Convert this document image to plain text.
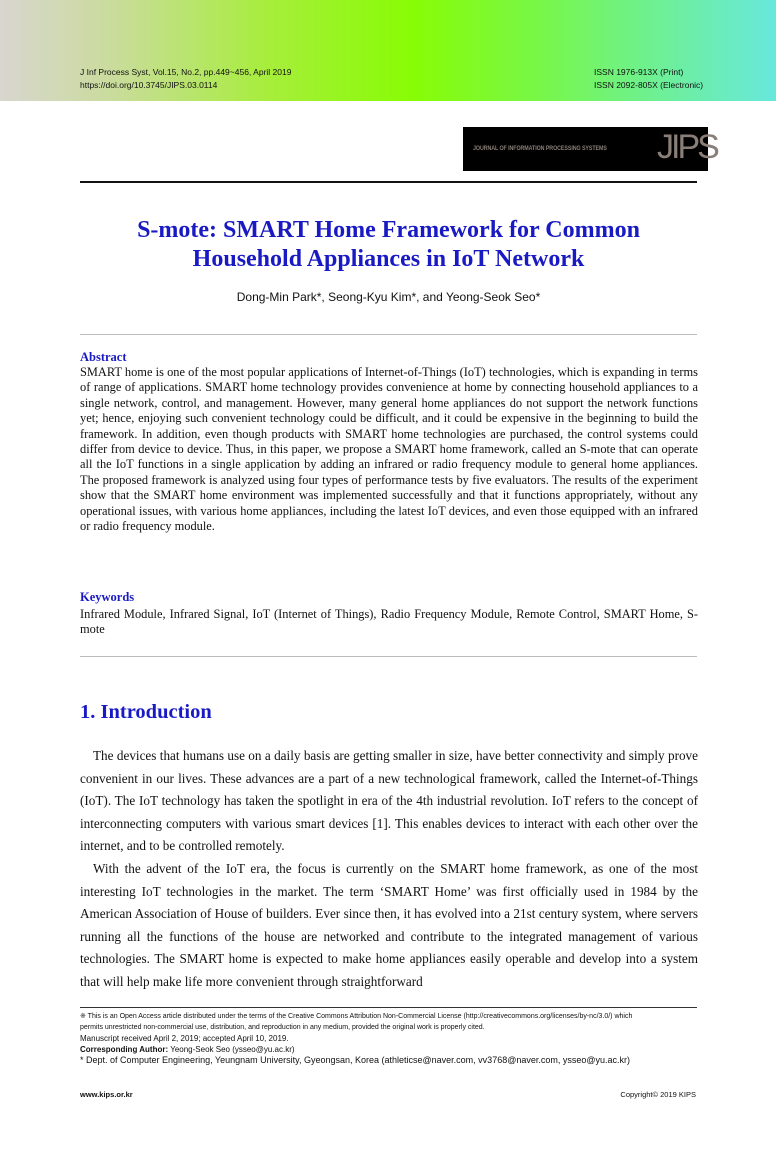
J Inf Process Syst, Vol.15, No.2, pp.449~456, April 2019
https://doi.org/10.3745/JIPS.03.0114
ISSN 1976-913X (Print)
ISSN 2092-805X (Electronic)
JOURNAL OF INFORMATION PROCESSING SYSTEMS JIPS
S-mote: SMART Home Framework for Common
Household Appliances in IoT Network
Dong-Min Park*, Seong-Kyu Kim*, and Yeong-Seok Seo*
Abstract
SMART home is one of the most popular applications of Internet-of-Things (IoT) technologies, which is expanding in terms of range of applications. SMART home technology provides convenience at home by connecting household appliances to a single network, control, and management. However, many general home appliances do not support the network functions yet; hence, enjoying such convenient technology could be difficult, and it could be expensive in the beginning to build the framework. In addition, even though products with SMART home technologies are purchased, the control systems could differ from device to device. Thus, in this paper, we propose a SMART home framework, called an S-mote that can operate all the IoT functions in a single application by adding an infrared or radio frequency module to general home appliances. The proposed framework is analyzed using four types of performance tests by five evaluators. The results of the experiment show that the SMART home environment was implemented successfully and that it functions appropriately, without any operational issues, with various home appliances, including the latest IoT devices, and even those equipped with an infrared or radio frequency module.
Keywords
Infrared Module, Infrared Signal, IoT (Internet of Things), Radio Frequency Module, Remote Control, SMART Home, S-mote
1. Introduction

The devices that humans use on a daily basis are getting smaller in size, have better connectivity and simply prove convenient in our lives. These advances are a part of a new technological framework, called the Internet-of-Things (IoT). The IoT technology has taken the spotlight in era of the 4th industrial revolution. IoT refers to the concept of interconnecting computers with various smart devices [1]. This enables devices to interact with each other over the internet, and to be controlled remotely.

With the advent of the IoT era, the focus is currently on the SMART home framework, as one of the most interesting IoT technologies in the market. The term ‘SMART Home’ was first officially used in 1984 by the American Association of House of builders. Ever since then, it has evolved into a 21st century system, where servers running all the functions of the house are networked and contribute to the integrated management of various technologies. The SMART home is expected to make home appliances easily operable and develop into a system that will help make life more convenient through straightforward

※ This is an Open Access article distributed under the terms of the Creative Commons Attribution Non-Commercial License (http://creativecommons.org/licenses/by-nc/3.0/) which
permits unrestricted non-commercial use, distribution, and reproduction in any medium, provided the original work is properly cited.
Manuscript received April 2, 2019; accepted April 10, 2019.
Corresponding Author: Yeong-Seok Seo (ysseo@yu.ac.kr)
* Dept. of Computer Engineering, Yeungnam University, Gyeongsan, Korea (athleticse@naver.com, vv3768@naver.com, ysseo@yu.ac.kr)
www.kips.or.kr	Copyright© 2019 KIPS
